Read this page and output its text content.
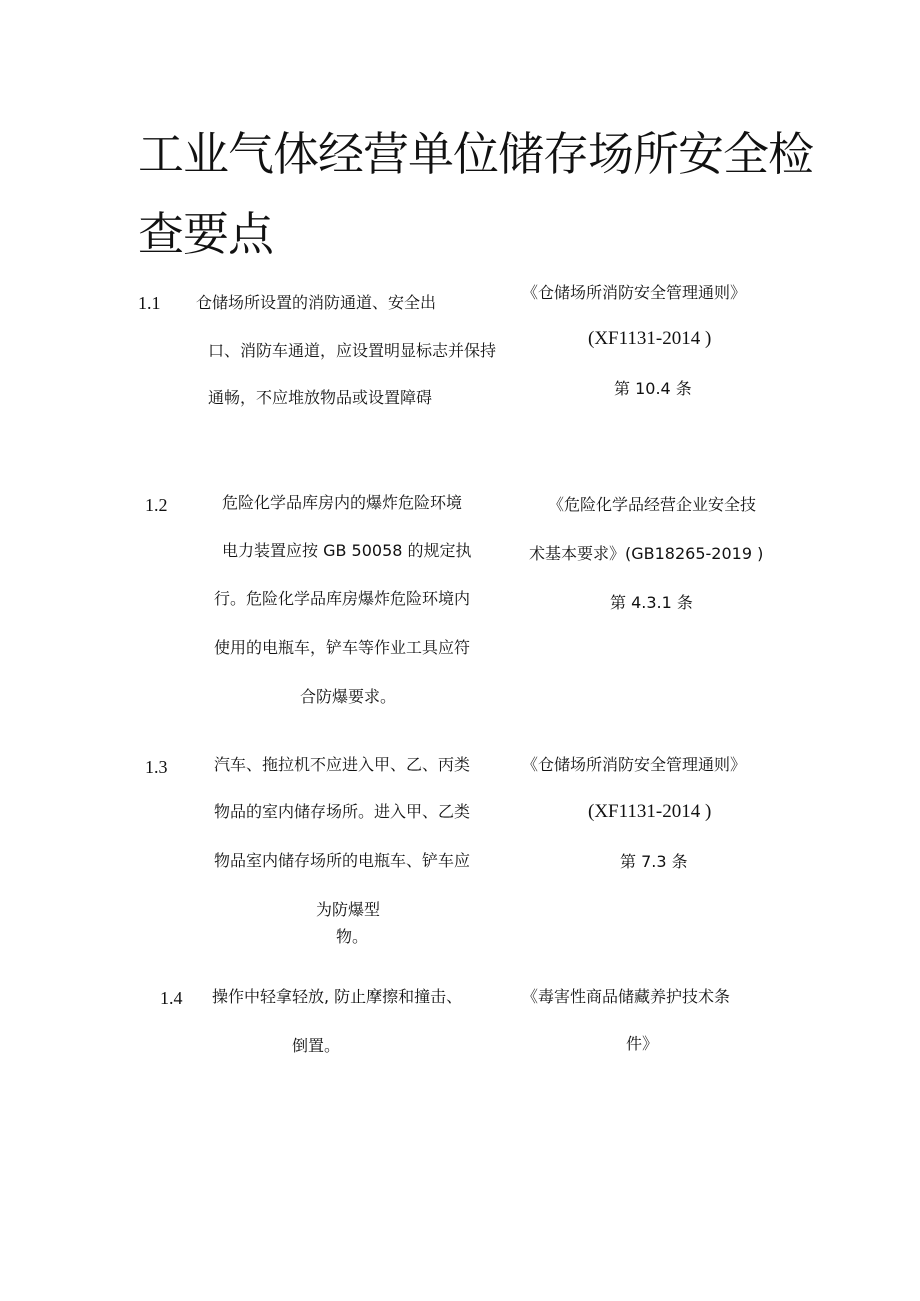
工业气体经营单位储存场所安全检
查要点
1.1 仓储场所设置的消防通道、安全出
口、消防车通道，应设置明显标志并保持
通畅，不应堆放物品或设置障碍
《仓储场所消防安全管理通则》
(XF1131-2014 )
第 10.4 条
1.2	危险化学品库房内的爆炸危险环境
电力装置应按 GB 50058 的规定执
行。危险化学品库房爆炸危险环境内
使用的电瓶车，铲车等作业工具应符
合防爆要求。
《危险化学品经营企业安全技
术基本要求》(GB18265-2019 )
第 4.3.1 条
1.3	汽车、拖拉机不应进入甲、乙、丙类
物品的室内储存场所。进入甲、乙类
物品室内储存场所的电瓶车、铲车应
为防爆型
物。
《仓储场所消防安全管理通则》
(XF1131-2014 )
第 7.3 条
1.4 操作中轻拿轻放, 防止摩擦和撞击、
倒置。
《毒害性商品储藏养护技术条
件》
